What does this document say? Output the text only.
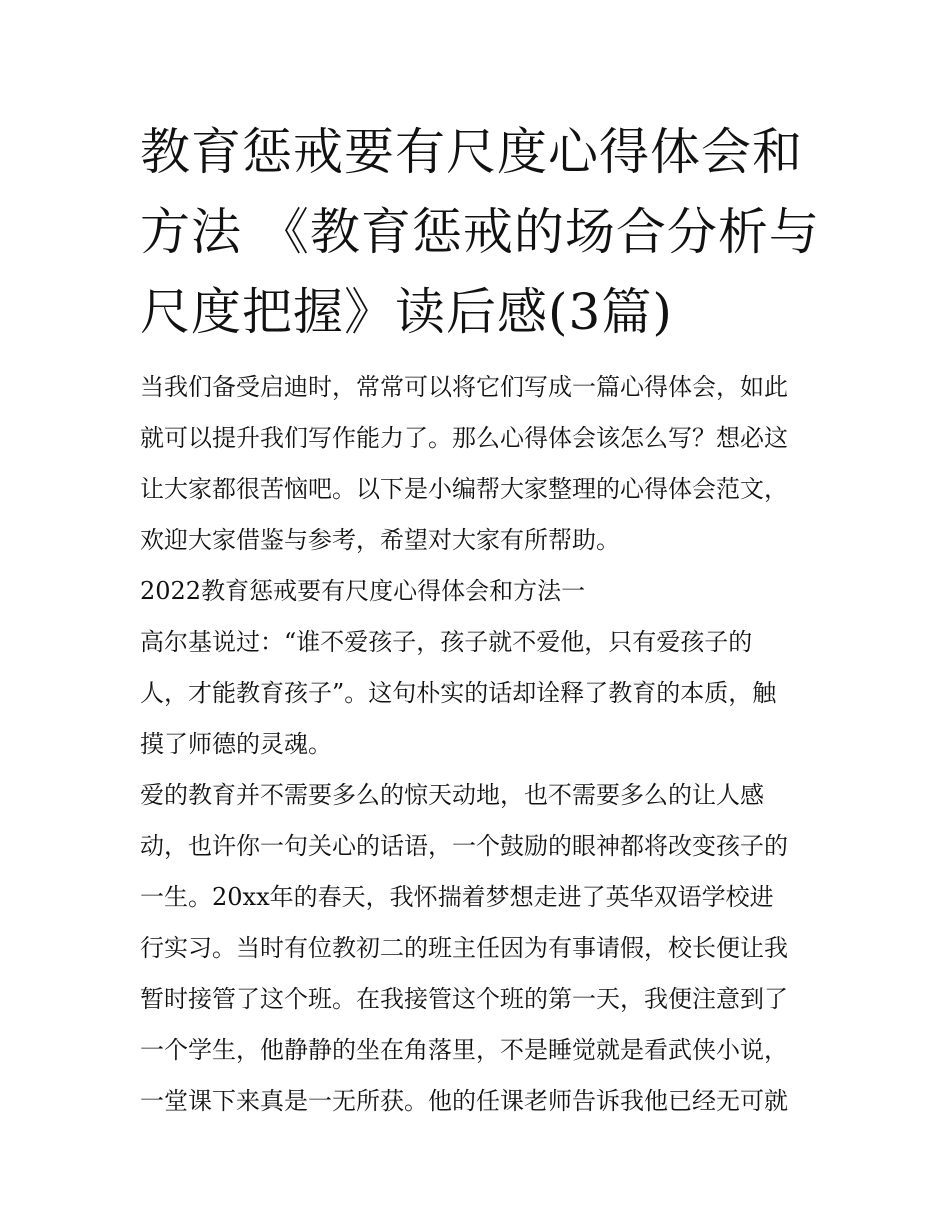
教育惩戒要有尺度心得体会和
方法 《教育惩戒的场合分析与
尺度把握》读后感(3篇)

当我们备受启迪时，常常可以将它们写成一篇心得体会，如此
就可以提升我们写作能力了。那么心得体会该怎么写？想必这
让大家都很苦恼吧。以下是小编帮大家整理的心得体会范文，
欢迎大家借鉴与参考，希望对大家有所帮助。

2022教育惩戒要有尺度心得体会和方法一

高尔基说过：“谁不爱孩子，孩子就不爱他，只有爱孩子的
人，才能教育孩子”。这句朴实的话却诠释了教育的本质，触
摸了师德的灵魂。

爱的教育并不需要多么的惊天动地，也不需要多么的让人感
动，也许你一句关心的话语，一个鼓励的眼神都将改变孩子的
一生。20xx年的春天，我怀揣着梦想走进了英华双语学校进
行实习。当时有位教初二的班主任因为有事请假，校长便让我
暂时接管了这个班。在我接管这个班的第一天，我便注意到了
一个学生，他静静的坐在角落里，不是睡觉就是看武侠小说，
一堂课下来真是一无所获。他的任课老师告诉我他已经无可就
